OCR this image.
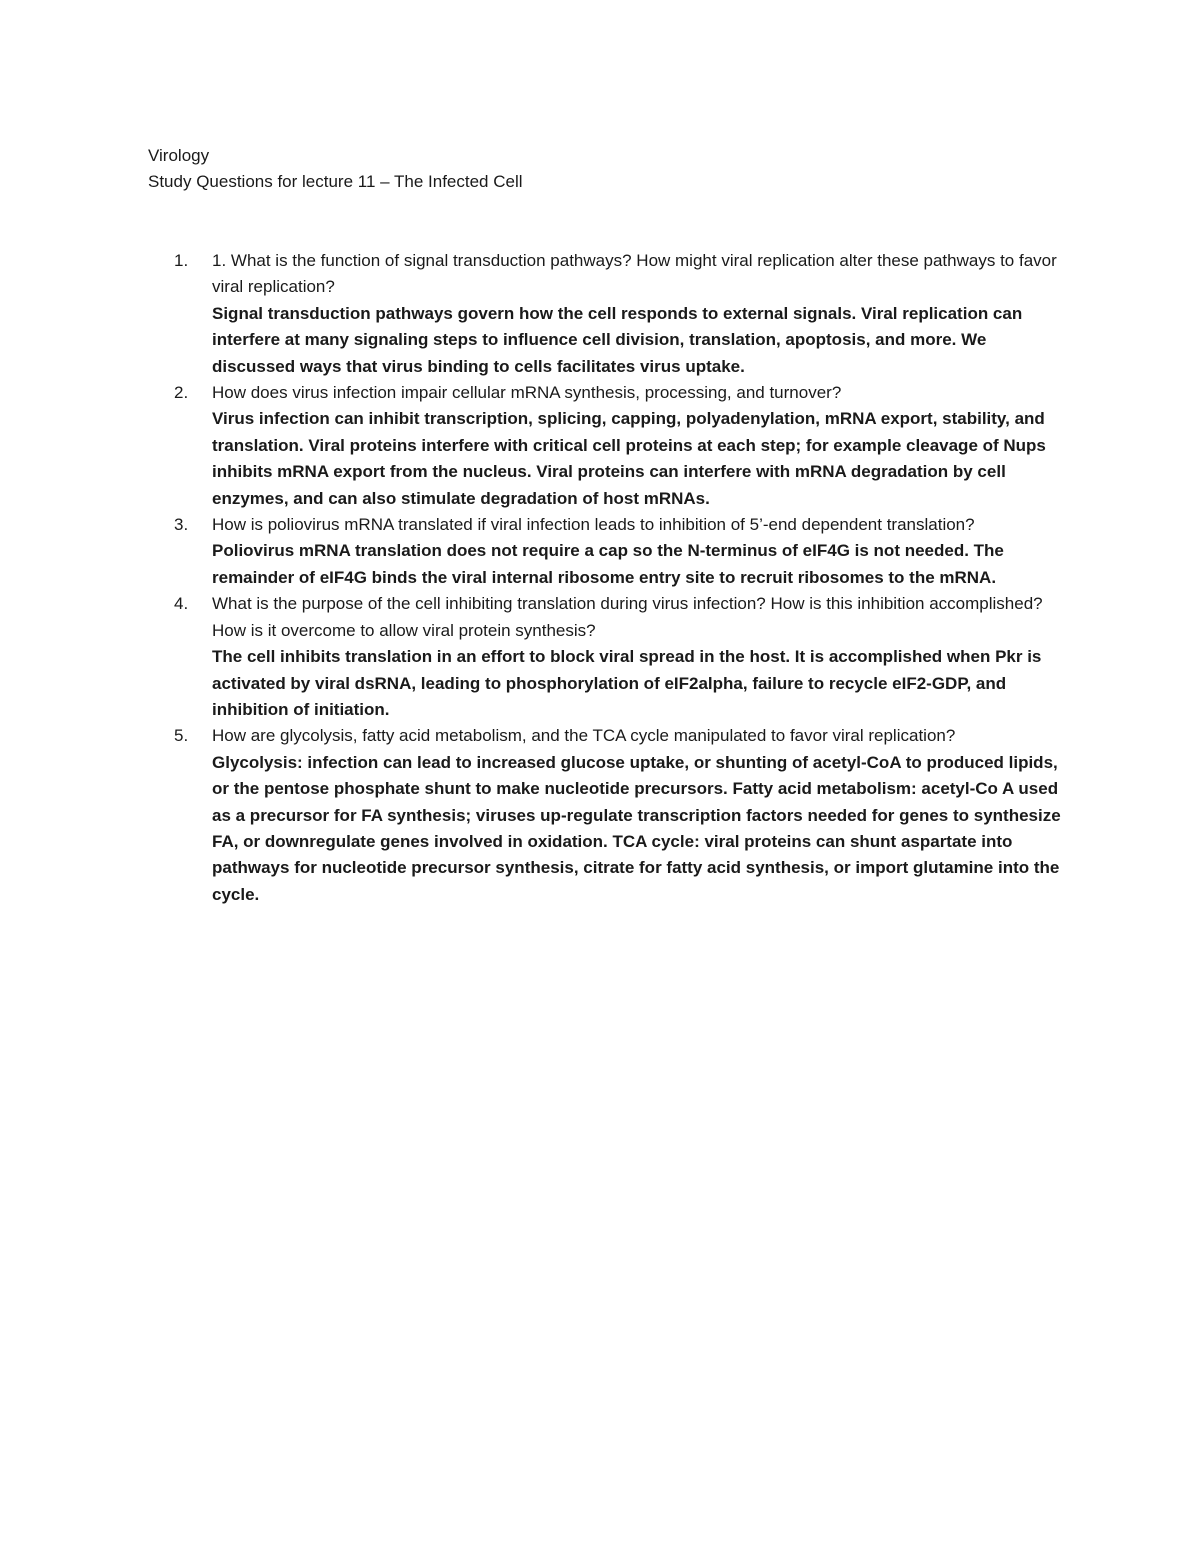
Virology
Study Questions for lecture 11 – The Infected Cell
1. 1. What is the function of signal transduction pathways? How might viral replication alter these pathways to favor viral replication?
Signal transduction pathways govern how the cell responds to external signals. Viral replication can interfere at many signaling steps to influence cell division, translation, apoptosis, and more. We discussed ways that virus binding to cells facilitates virus uptake.
2. How does virus infection impair cellular mRNA synthesis, processing, and turnover?
Virus infection can inhibit transcription, splicing, capping, polyadenylation, mRNA export, stability, and translation. Viral proteins interfere with critical cell proteins at each step; for example cleavage of Nups inhibits mRNA export from the nucleus. Viral proteins can interfere with mRNA degradation by cell enzymes, and can also stimulate degradation of host mRNAs.
3. How is poliovirus mRNA translated if viral infection leads to inhibition of 5’-end dependent translation?
Poliovirus mRNA translation does not require a cap so the N-terminus of eIF4G is not needed. The remainder of eIF4G binds the viral internal ribosome entry site to recruit ribosomes to the mRNA.
4. What is the purpose of the cell inhibiting translation during virus infection? How is this inhibition accomplished? How is it overcome to allow viral protein synthesis?
The cell inhibits translation in an effort to block viral spread in the host. It is accomplished when Pkr is activated by viral dsRNA, leading to phosphorylation of eIF2alpha, failure to recycle eIF2-GDP, and inhibition of initiation.
5. How are glycolysis, fatty acid metabolism, and the TCA cycle manipulated to favor viral replication?
Glycolysis: infection can lead to increased glucose uptake, or shunting of acetyl-CoA to produced lipids, or the pentose phosphate shunt to make nucleotide precursors. Fatty acid metabolism: acetyl-Co A used as a precursor for FA synthesis; viruses up-regulate transcription factors needed for genes to synthesize FA, or downregulate genes involved in oxidation. TCA cycle: viral proteins can shunt aspartate into pathways for nucleotide precursor synthesis, citrate for fatty acid synthesis, or import glutamine into the cycle.
